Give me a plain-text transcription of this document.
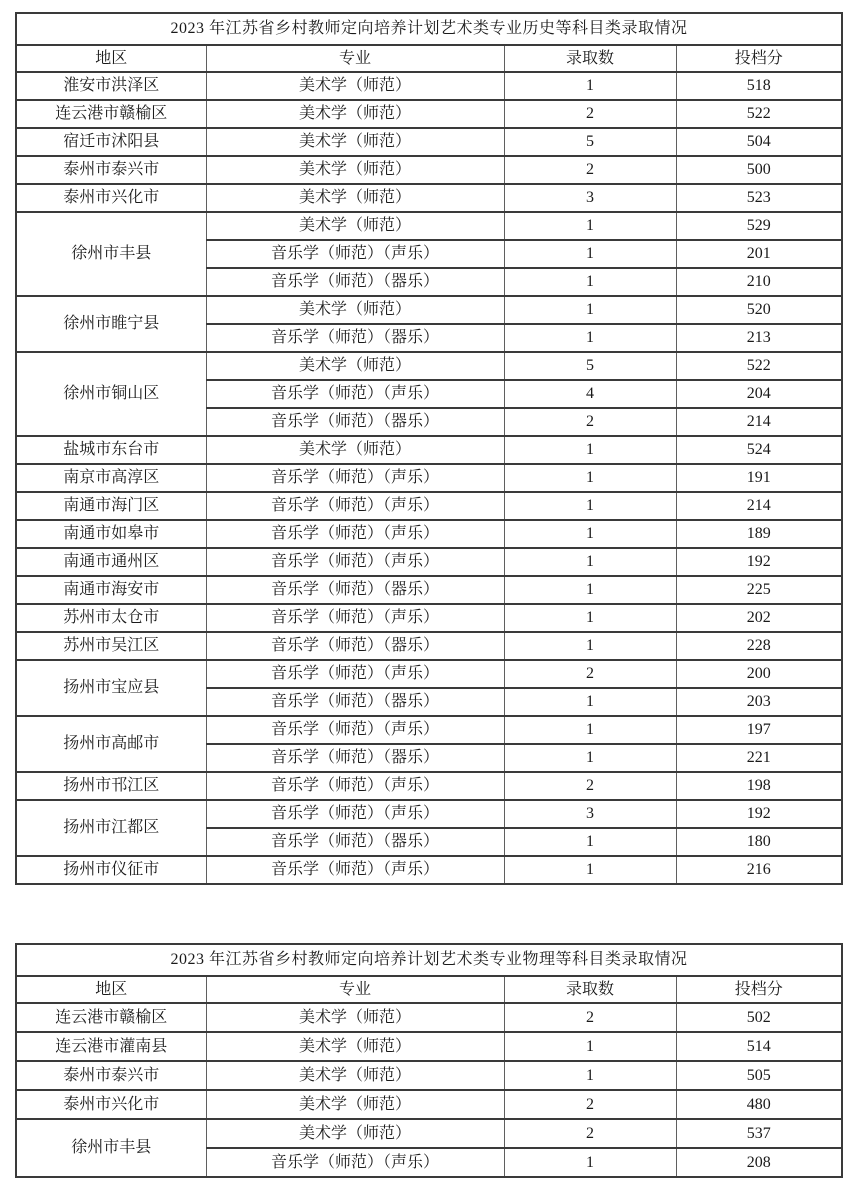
2023 年江苏省乡村教师定向培养计划艺术类专业历史等科目类录取情况			
地区	专业	录取数	投档分
淮安市洪泽区	美术学（师范）	1	518
连云港市赣榆区	美术学（师范）	2	522
宿迁市沭阳县	美术学（师范）	5	504
泰州市泰兴市	美术学（师范）	2	500
泰州市兴化市	美术学（师范）	3	523
徐州市丰县	美术学（师范）	1	529
	音乐学（师范）（声乐）	1	201
	音乐学（师范）（器乐）	1	210
徐州市睢宁县	美术学（师范）	1	520
	音乐学（师范）（器乐）	1	213
徐州市铜山区	美术学（师范）	5	522
	音乐学（师范）（声乐）	4	204
	音乐学（师范）（器乐）	2	214
盐城市东台市	美术学（师范）	1	524
南京市高淳区	音乐学（师范）（声乐）	1	191
南通市海门区	音乐学（师范）（声乐）	1	214
南通市如皋市	音乐学（师范）（声乐）	1	189
南通市通州区	音乐学（师范）（声乐）	1	192
南通市海安市	音乐学（师范）（器乐）	1	225
苏州市太仓市	音乐学（师范）（声乐）	1	202
苏州市吴江区	音乐学（师范）（器乐）	1	228
扬州市宝应县	音乐学（师范）（声乐）	2	200
	音乐学（师范）（器乐）	1	203
扬州市高邮市	音乐学（师范）（声乐）	1	197
	音乐学（师范）（器乐）	1	221
扬州市邗江区	音乐学（师范）（声乐）	2	198
扬州市江都区	音乐学（师范）（声乐）	3	192
	音乐学（师范）（器乐）	1	180
扬州市仪征市	音乐学（师范）（声乐）	1	216
2023 年江苏省乡村教师定向培养计划艺术类专业物理等科目类录取情况			
地区	专业	录取数	投档分
连云港市赣榆区	美术学（师范）	2	502
连云港市灌南县	美术学（师范）	1	514
泰州市泰兴市	美术学（师范）	1	505
泰州市兴化市	美术学（师范）	2	480
徐州市丰县	美术学（师范）	2	537
	音乐学（师范）（声乐）	1	208
